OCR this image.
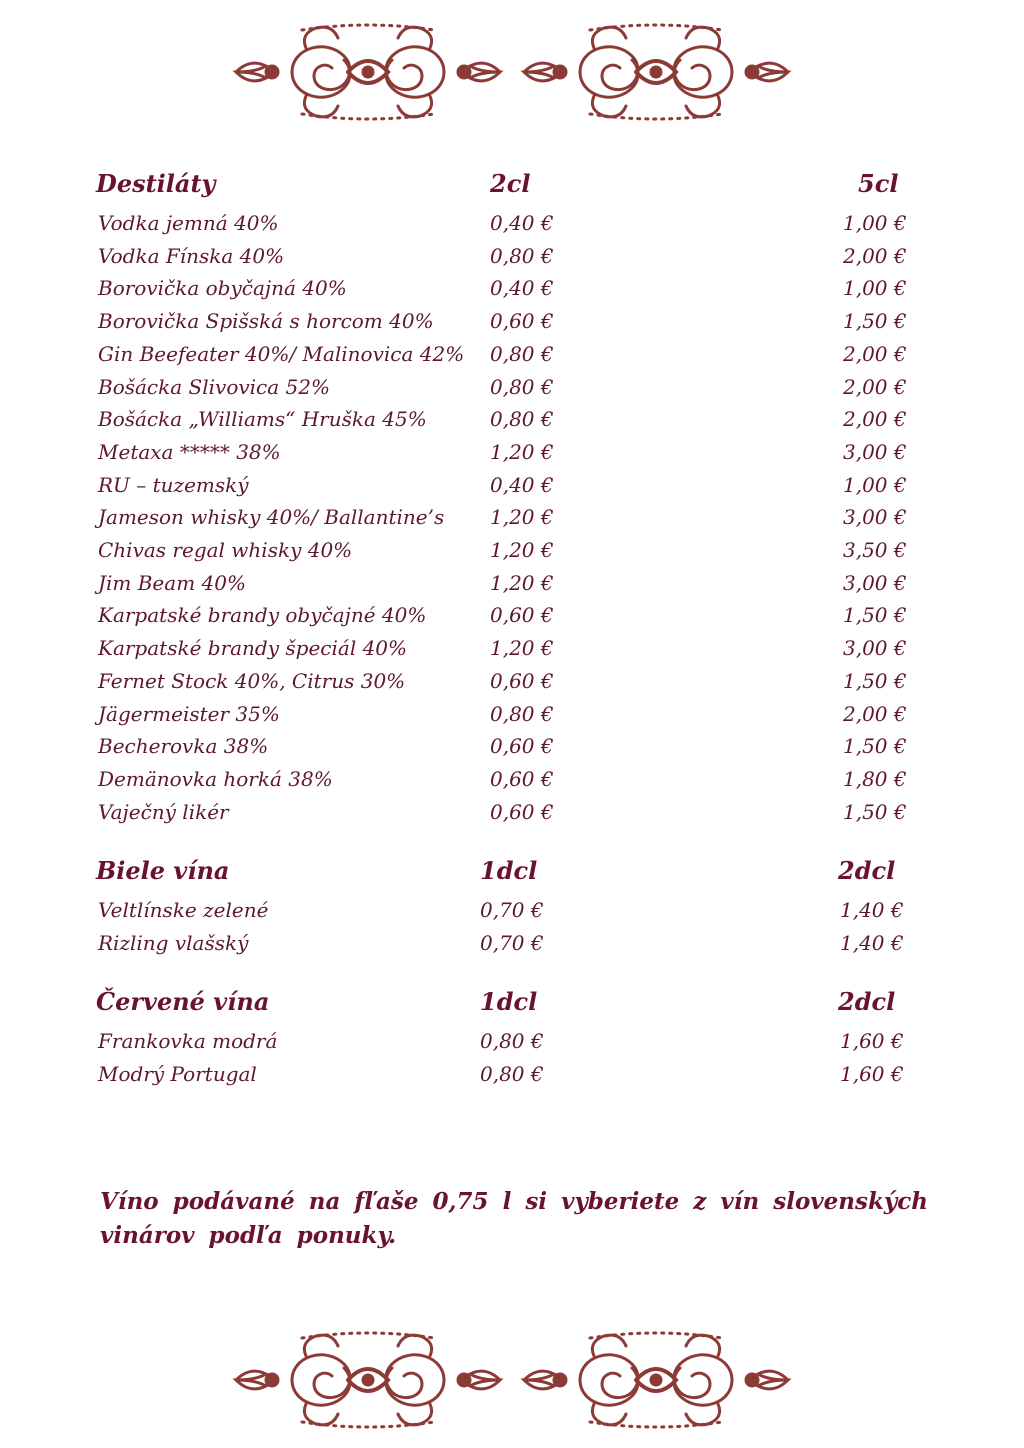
Destiláty	2cl	5cl
Vodka jemná 40%	0,40 €	1,00 €
Vodka Fínska 40%	0,80 €	2,00 €
Borovička obyčajná 40%	0,40 €	1,00 €
Borovička Spišská s horcom 40%	0,60 €	1,50 €
Gin Beefeater 40%/ Malinovica 42% 0,80 €	2,00 €
Bošácka Slivovica 52%	0,80 €	2,00 €
Bošácka „Williams“ Hruška 45%	0,80 €	2,00 €
Metaxa ***** 38%	1,20 €	3,00 €
RU – tuzemský	0,40 €	1,00 €
Jameson whisky 40%/ Ballantine’s 1,20 €	3,00 €
Chivas regal whisky 40%	1,20 €	3,50 €
Jim Beam 40%	1,20 €	3,00 €
Karpatské brandy obyčajné 40%	0,60 €	1,50 €
Karpatské brandy špeciál 40%	1,20 €	3,00 €
Fernet Stock 40%, Citrus 30%	0,60 €	1,50 €
Jägermeister 35%	0,80 €	2,00 €
Becherovka 38%	0,60 €	1,50 €
Demänovka horká 38%	0,60 €	1,80 €
Vaječný likér	0,60 €	1,50 €
Biele vína	1dcl	2dcl
Veltlínske zelené	0,70 €	1,40 €
Rizling vlašský	0,70 €	1,40 €
Červené vína	1dcl	2dcl
Frankovka modrá	0,80 €	1,60 €
Modrý Portugal	0,80 €	1,60 €
Víno podávané na fľaše 0,75 l si vyberiete z vín slovenských vinárov podľa ponuky.
